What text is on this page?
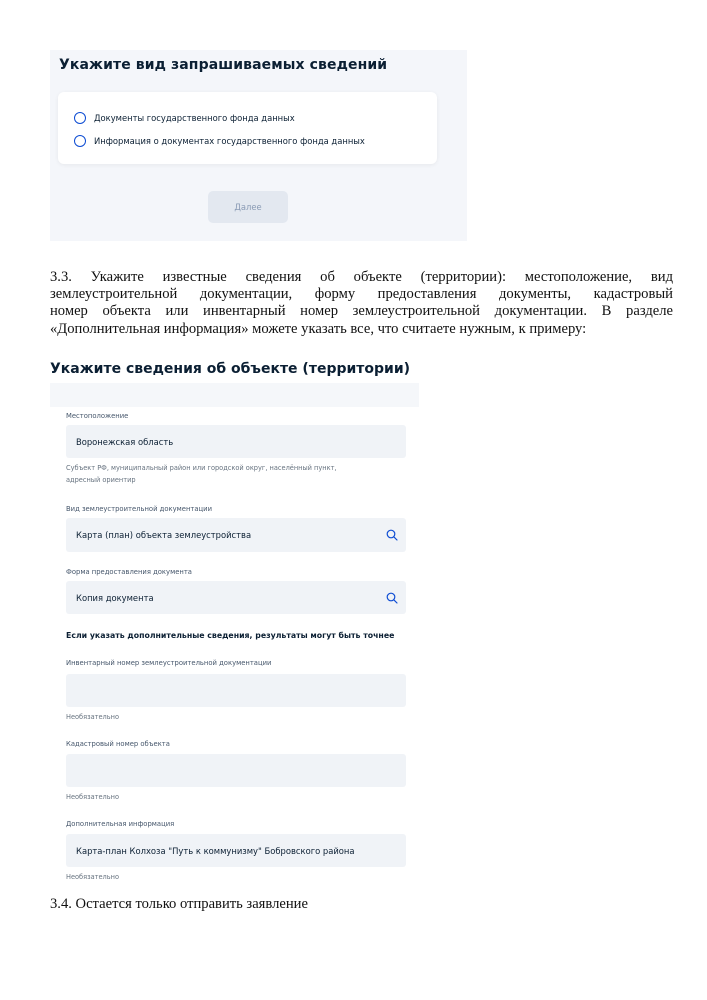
Укажите вид запрашиваемых сведений
Документы государственного фонда данных
Информация о документах государственного фонда данных
Далее
3.3. Укажите известные сведения об объекте (территории): местоположение, вид
землеустроительной документации, форму предоставления документы, кадастровый
номер объекта или инвентарный номер землеустроительной документации. В разделе
«Дополнительная информация» можете указать все, что считаете нужным, к примеру:
Укажите сведения об объекте (территории)
Местоположение
Воронежская область
Субъект РФ, муниципальный район или городской округ, населённый пункт,
адресный ориентир
Вид землеустроительной документации
Карта (план) объекта землеустройства
Форма предоставления документа
Копия документа
Если указать дополнительные сведения, результаты могут быть точнее
Инвентарный номер землеустроительной документации
Необязательно
Кадастровый номер объекта
Необязательно
Дополнительная информация
Карта-план Колхоза "Путь к коммунизму" Бобровского района
Необязательно
3.4. Остается только отправить заявление
